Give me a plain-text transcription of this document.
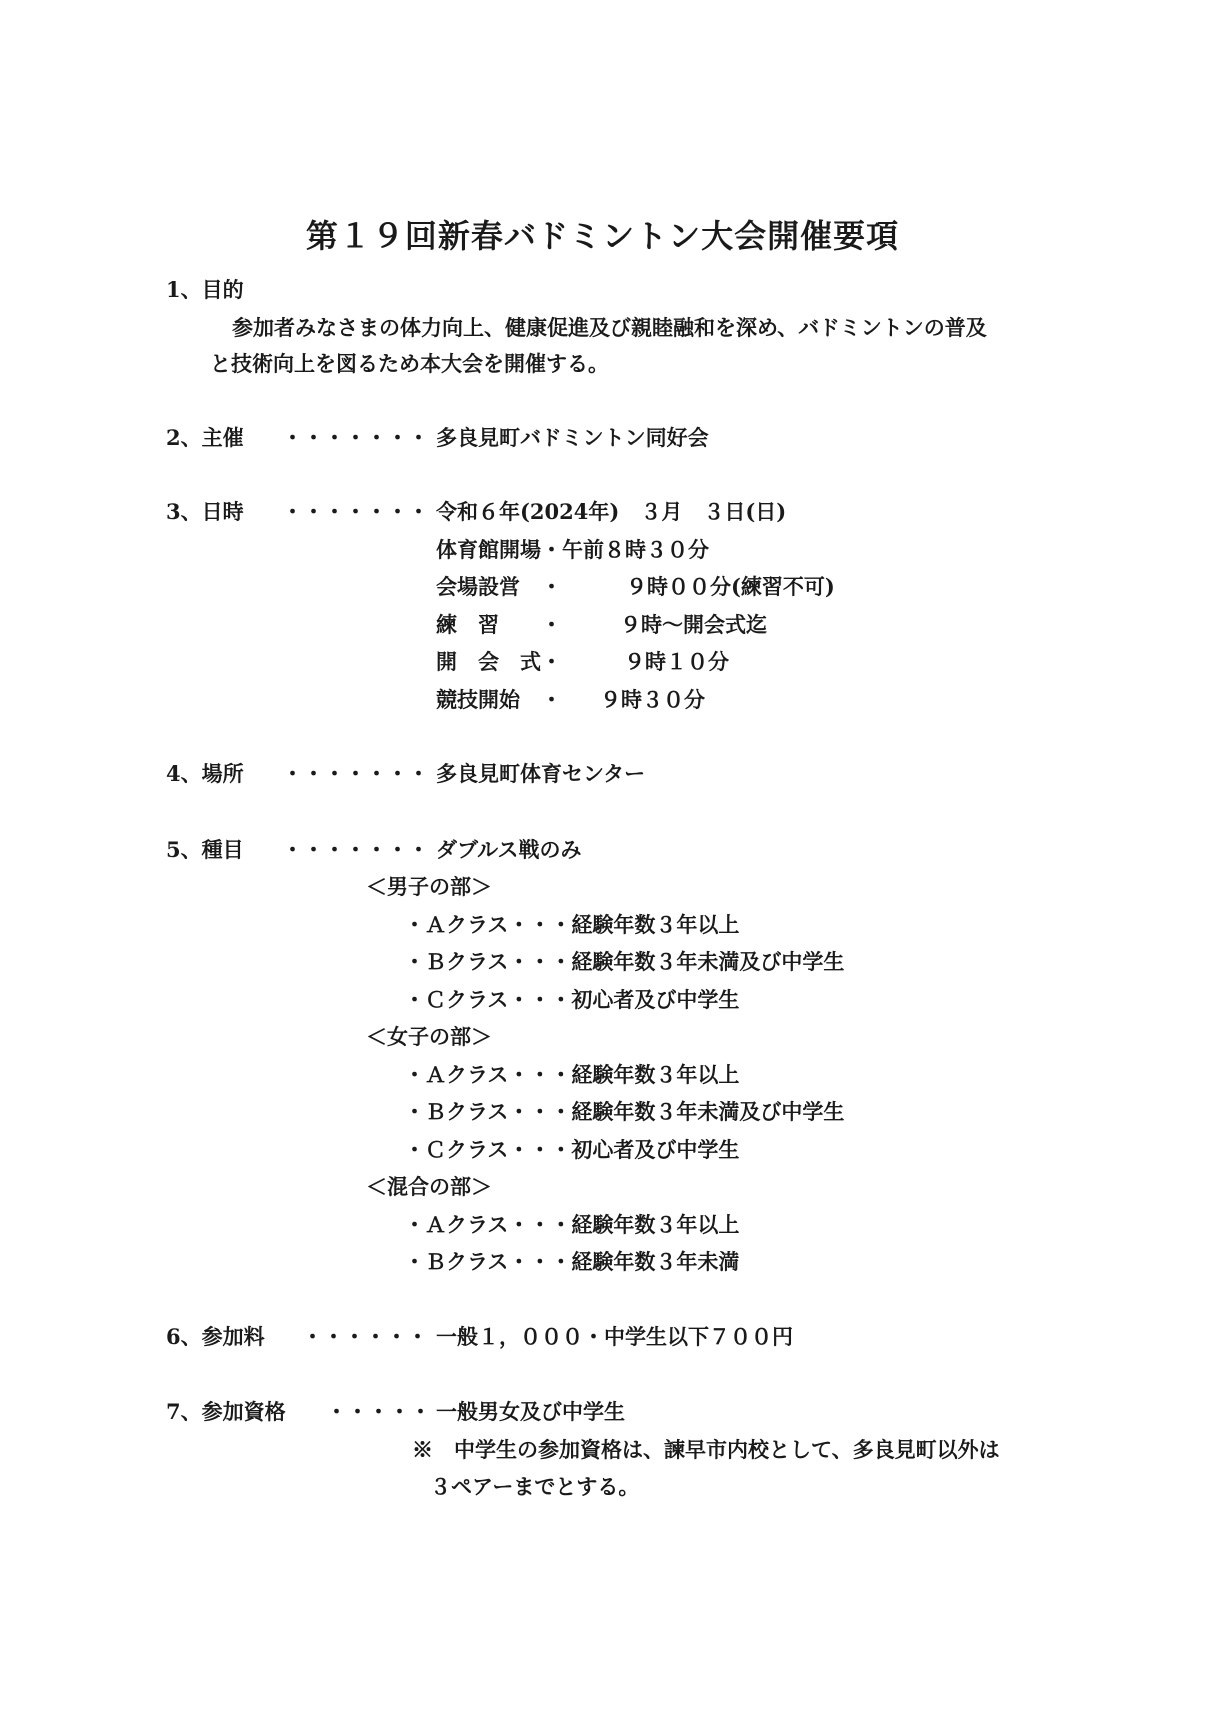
第１９回新春バドミントン大会開催要項
1、目的
参加者みなさまの体力向上、健康促進及び親睦融和を深め、バドミントンの普及
と技術向上を図るため本大会を開催する。
2、主催 ・・・・・・・ 多良見町バドミントン同好会
3、日時 ・・・・・・・ 令和６年(2024年)　３月　３日(日)
体育館開場・午前８時３０分
会場設営　・	９時００分(練習不可)
練　習　　・	９時～開会式迄
開　会　式・	９時１０分
競技開始　・ ９時３０分
4、場所 ・・・・・・・ 多良見町体育センター
5、種目 ・・・・・・・ ダブルス戦のみ
＜男子の部＞
・Ａクラス・・・経験年数３年以上
・Ｂクラス・・・経験年数３年未満及び中学生
・Ｃクラス・・・初心者及び中学生
＜女子の部＞
・Ａクラス・・・経験年数３年以上
・Ｂクラス・・・経験年数３年未満及び中学生
・Ｃクラス・・・初心者及び中学生
＜混合の部＞
・Ａクラス・・・経験年数３年以上
・Ｂクラス・・・経験年数３年未満
6、参加料 ・・・・・・ 一般１，０００・中学生以下７００円
7、参加資格 ・・・・・ 一般男女及び中学生
※　中学生の参加資格は、諫早市内校として、多良見町以外は
３ペアーまでとする。
